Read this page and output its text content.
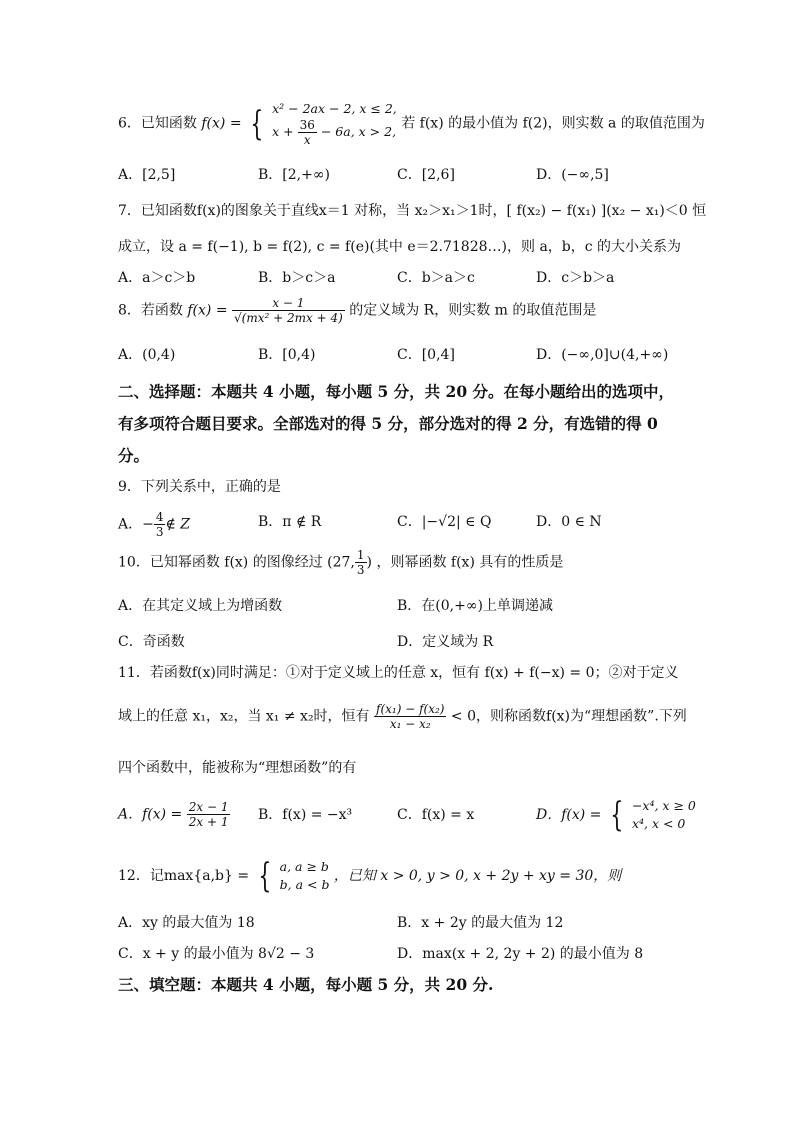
6．已知函数 f(x) = { x² − 2ax − 2, x ≤ 2,
$x + \frac{36}{x} - 6a$, x > 2, 若 f(x) 的最小值为 f(2)，则实数 a 的取值范围为
A．[2,5]	B．[2,+∞)	C．[2,6]	D．(−∞,5]
7．已知函数f(x)的图象关于直线x＝1 对称，当 x₂＞x₁＞1时，[ f(x₂) − f(x₁) ](x₂ − x₁)＜0 恒
成立，设 a = f(−1), b = f(2), c = f(e)(其中 e＝2.71828…)，则 a，b，c 的大小关系为
A．a＞c＞b	B．b＞c＞a	C．b＞a＞c	D．c＞b＞a
8．若函数 $f(x) = \frac{x - 1}{\text{√(mx² + 2mx + 4)}}$ 的定义域为 R，则实数 m 的取值范围是
A．(0,4)	B．[0,4)	C．[0,4]	D．(−∞,0]∪(4,+∞)
二、选择题：本题共 4 小题，每小题 5 分，共 20 分。在每小题给出的选项中，
有多项符合题目要求。全部选对的得 5 分，部分选对的得 2 分，有选错的得 0
分。
9．下列关系中，正确的是
A．− $\frac{4}{3}$ ∉ Z	B．π ∉ R	C．|−√2| ∈ Q	D．0 ∈ N
10．已知幂函数 f(x) 的图像经过 (27, $\frac{1}{3}$ ) ，则幂函数 f(x) 具有的性质是
A．在其定义域上为增函数	B．在(0,+∞)上单调递减
C．奇函数	D．定义域为 R
11．若函数f(x)同时满足：①对于定义域上的任意 x，恒有 f(x) + f(−x) = 0；②对于定义
域上的任意 x₁，x₂，当 x₁ ≠ x₂时，恒有 $\frac{\text{f(x₁) − f(x₂)}}{\text{x₁ − x₂}} < 0$，则称函数f(x)为“理想函数”.下列
四个函数中，能被称为“理想函数”的有
A．$f(x) = \frac{2x - 1}{2x + 1}$ B．f(x) = −x³	C．f(x) = x	D．f(x) = { −x⁴, x ≥ 0
x⁴, x < 0
12．记max{a,b} = { a, a ≥ b
b, a < b
，已知 x > 0, y > 0, x + 2y + xy = 30，则
A．xy 的最大值为 18	B．x + 2y 的最大值为 12
C．x + y 的最小值为 8√2 − 3	D．max(x + 2, 2y + 2) 的最小值为 8
三、填空题：本题共 4 小题，每小题 5 分，共 20 分.
